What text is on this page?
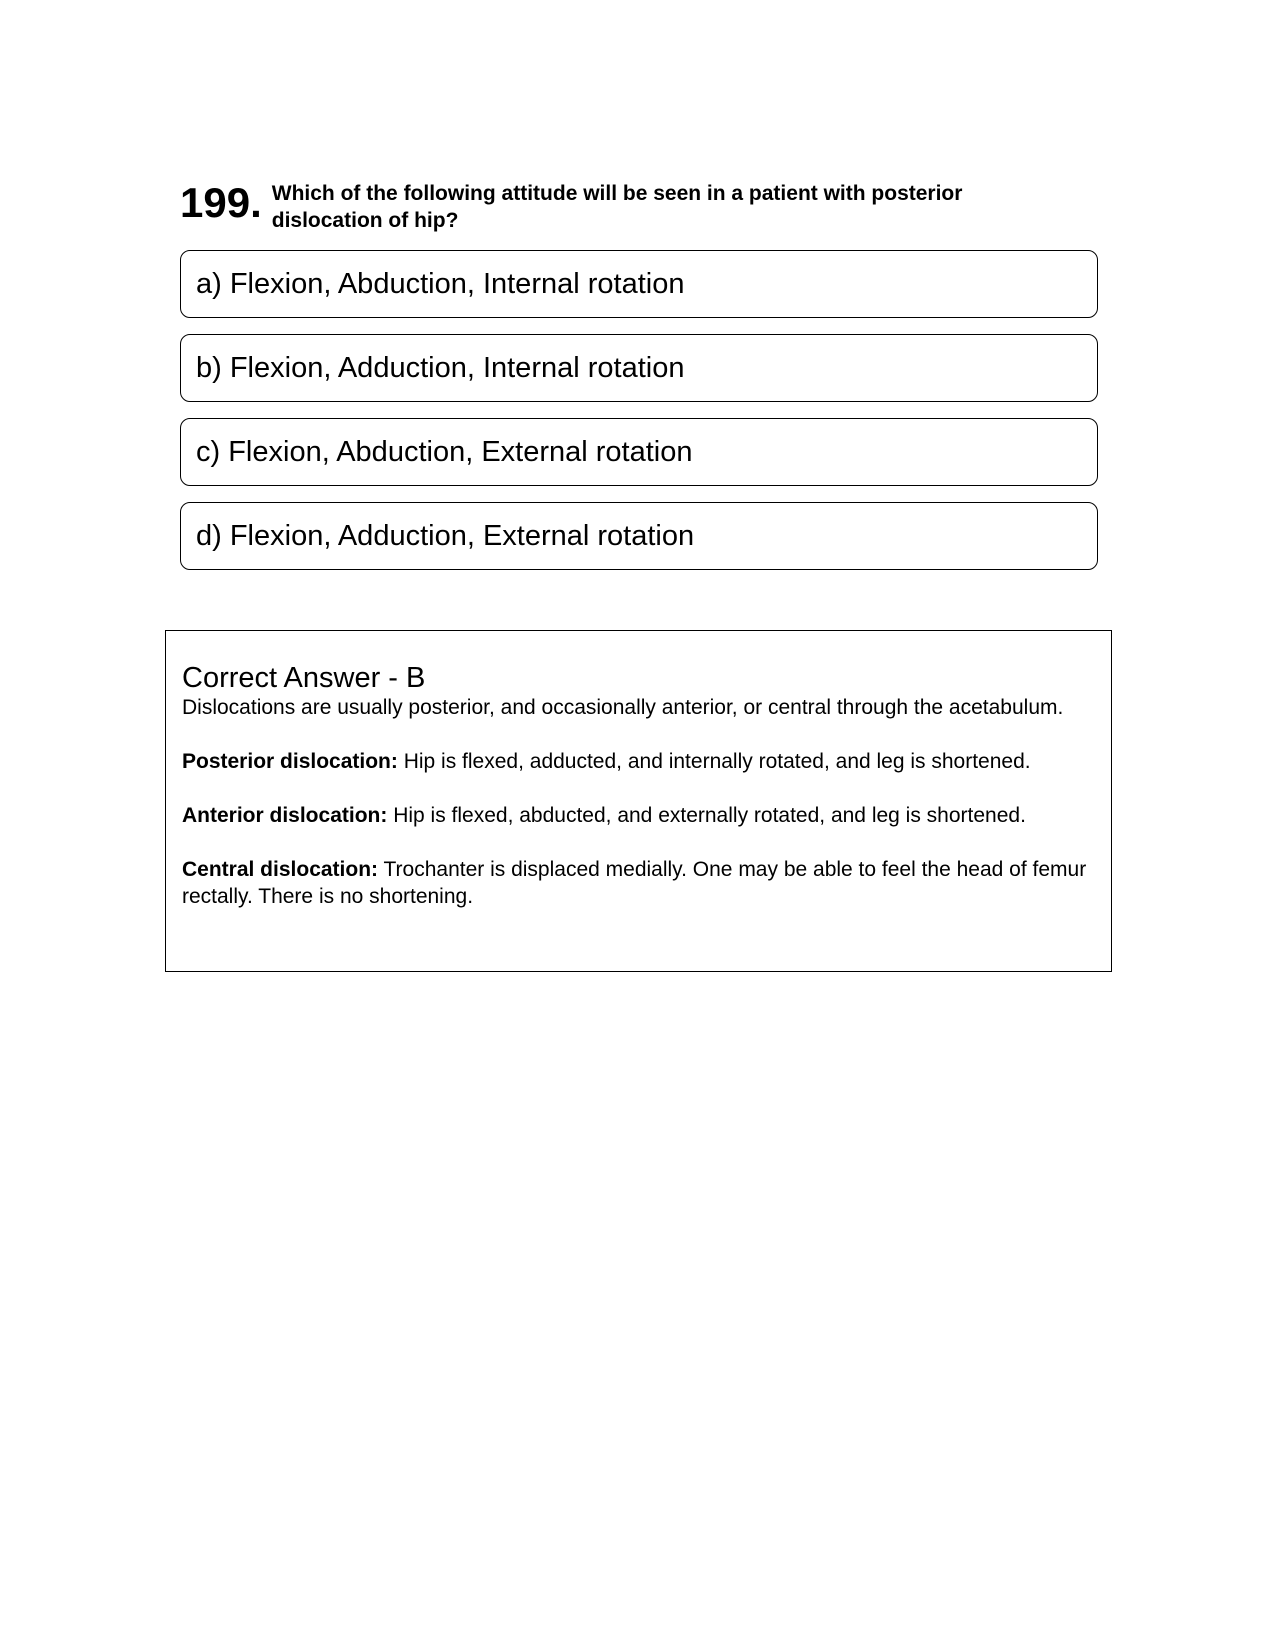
199. Which of the following attitude will be seen in a patient with posterior dislocation of hip?
a) Flexion, Abduction, Internal rotation
b) Flexion, Adduction, Internal rotation
c) Flexion, Abduction, External rotation
d) Flexion, Adduction, External rotation
Correct Answer - B

Dislocations are usually posterior, and occasionally anterior, or central through the acetabulum.

Posterior dislocation: Hip is flexed, adducted, and internally rotated, and leg is shortened.

Anterior dislocation: Hip is flexed, abducted, and externally rotated, and leg is shortened.

Central dislocation: Trochanter is displaced medially. One may be able to feel the head of femur rectally. There is no shortening.
